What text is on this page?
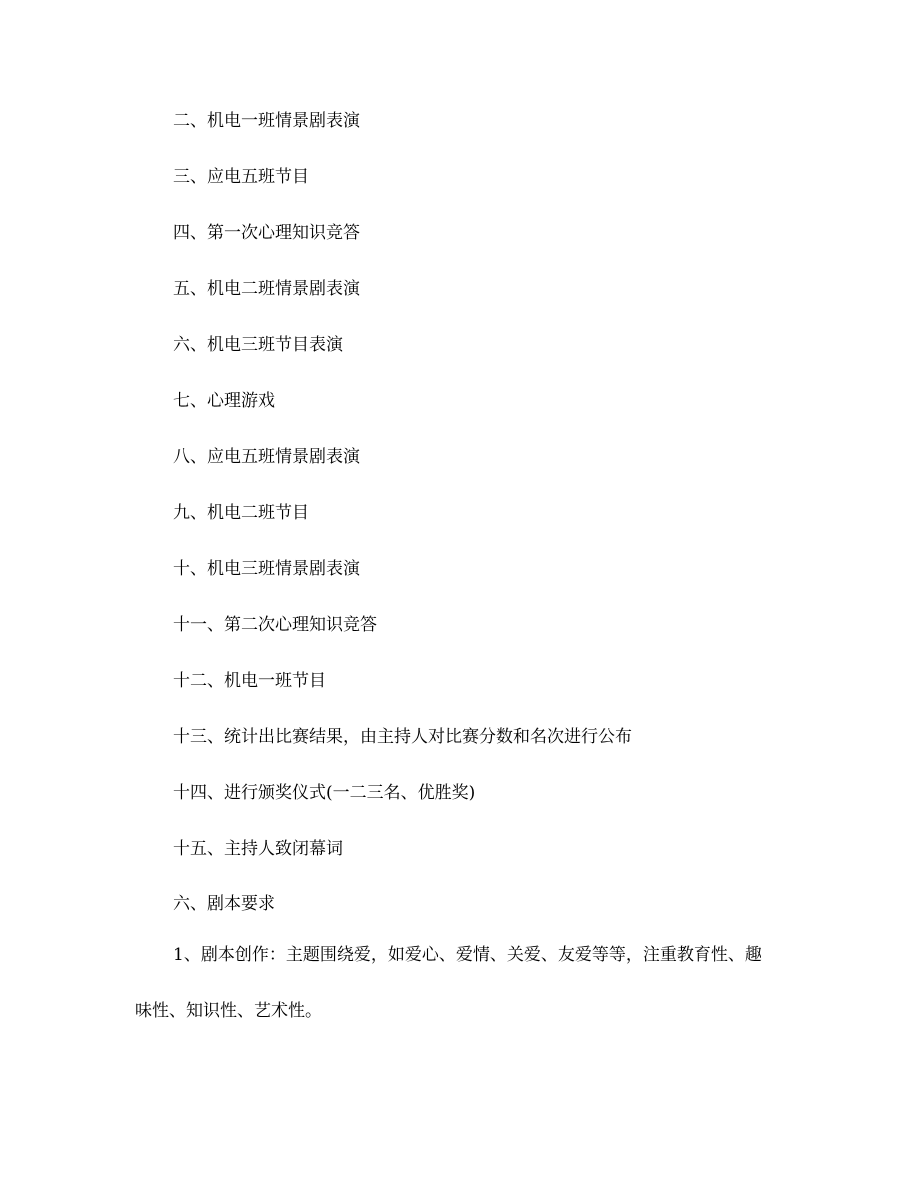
二、机电一班情景剧表演
三、应电五班节目
四、第一次心理知识竞答
五、机电二班情景剧表演
六、机电三班节目表演
七、心理游戏
八、应电五班情景剧表演
九、机电二班节目
十、机电三班情景剧表演
十一、第二次心理知识竞答
十二、机电一班节目
十三、统计出比赛结果，由主持人对比赛分数和名次进行公布
十四、进行颁奖仪式(一二三名、优胜奖)
十五、主持人致闭幕词
六、剧本要求
1、剧本创作：主题围绕爱，如爱心、爱情、关爱、友爱等等，注重教育性、趣味性、知识性、艺术性。
